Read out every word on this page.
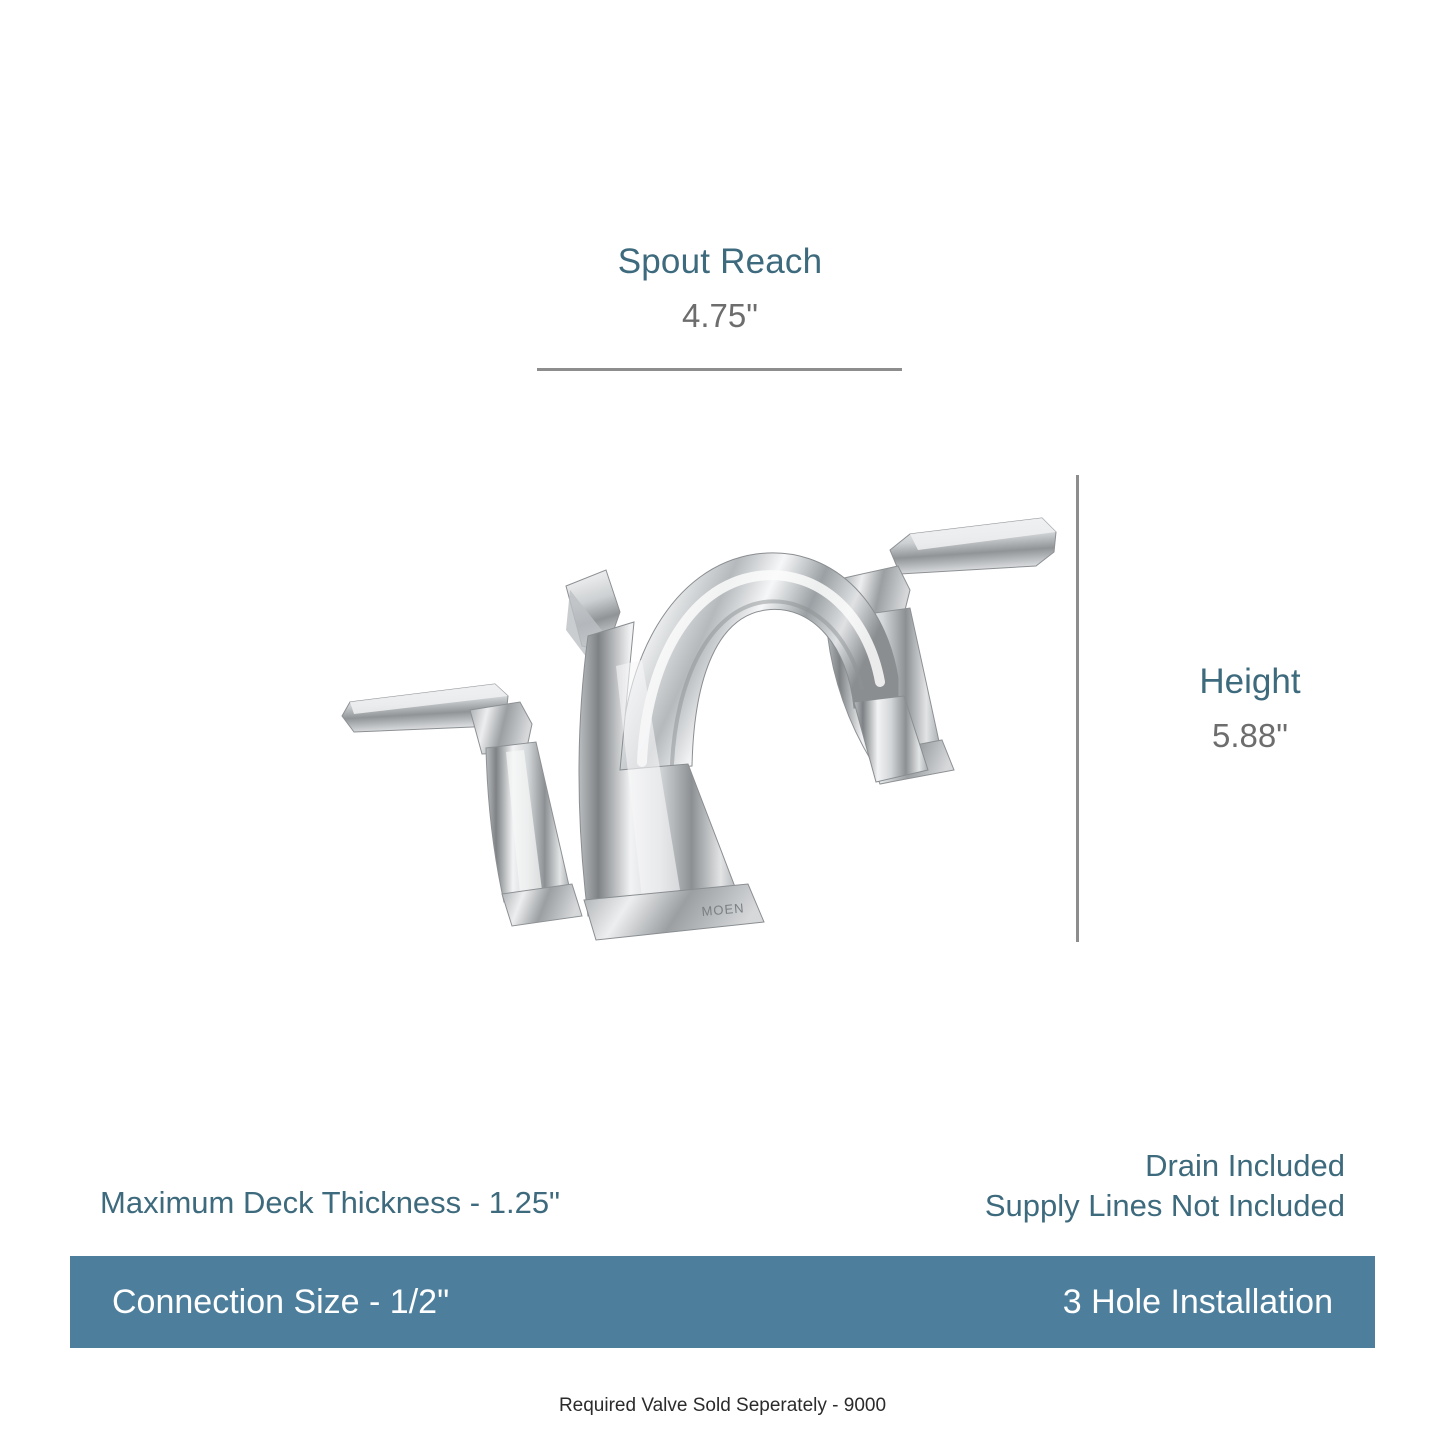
Spout Reach
4.75"
Height
5.88"
MOEN
Maximum Deck Thickness - 1.25"
Drain Included
Supply Lines Not Included
Connection Size - 1/2"	3 Hole Installation
Required Valve Sold Seperately - 9000
